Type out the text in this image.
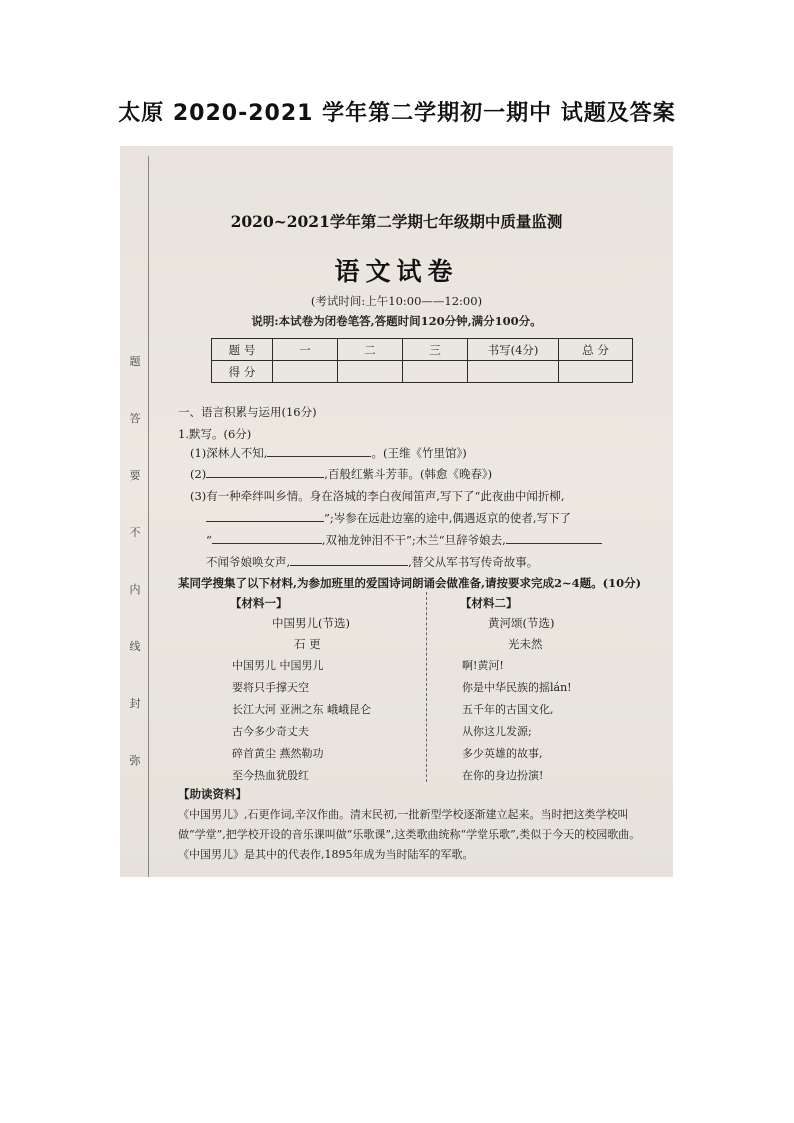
太原 2020-2021 学年第二学期初一期中 试题及答案
题
答
要
不
内
线
封
弥
2020~2021学年第二学期七年级期中质量监测
语文试卷
(考试时间:上午10:00——12:00)
说明:本试卷为闭卷笔答,答题时间120分钟,满分100分。
题 号	一	二	三	书写(4分)	总 分
得 分					
一、语言积累与运用(16分)
1.默写。(6分)
(1)深林人不知,	。(王维《竹里馆》)
(2)	,百般红紫斗芳菲。(韩愈《晚春》)
(3)有一种牵绊叫乡情。身在洛城的李白夜闻笛声,写下了“此夜曲中闻折柳,
”;岑参在远赴边塞的途中,偶遇返京的使者,写下了
“	,双袖龙钟泪不干”;木兰“旦辞爷娘去,
不闻爷娘唤女声,	,替父从军书写传奇故事。
某同学搜集了以下材料,为参加班里的爱国诗词朗诵会做准备,请按要求完成2~4题。(10分)
【材料一】
中国男儿(节选)
石 更
中国男儿 中国男儿
要将只手撑天空
长江大河 亚洲之东 峨峨昆仑
古今多少奇丈夫
碎首黄尘 燕然勒功
至今热血犹殷红
【材料二】
黄河颂(节选)
光未然
啊!黄河!
你是中华民族的摇lán!
五千年的古国文化,
从你这儿发源;
多少英雄的故事,
在你的身边扮演!
【助读资料】
《中国男儿》,石更作词,辛汉作曲。清末民初,一批新型学校逐渐建立起来。当时把这类学校叫做“学堂”,把学校开设的音乐课叫做“乐歌课”,这类歌曲统称“学堂乐歌”,类似于今天的校园歌曲。《中国男儿》是其中的代表作,1895年成为当时陆军的军歌。
